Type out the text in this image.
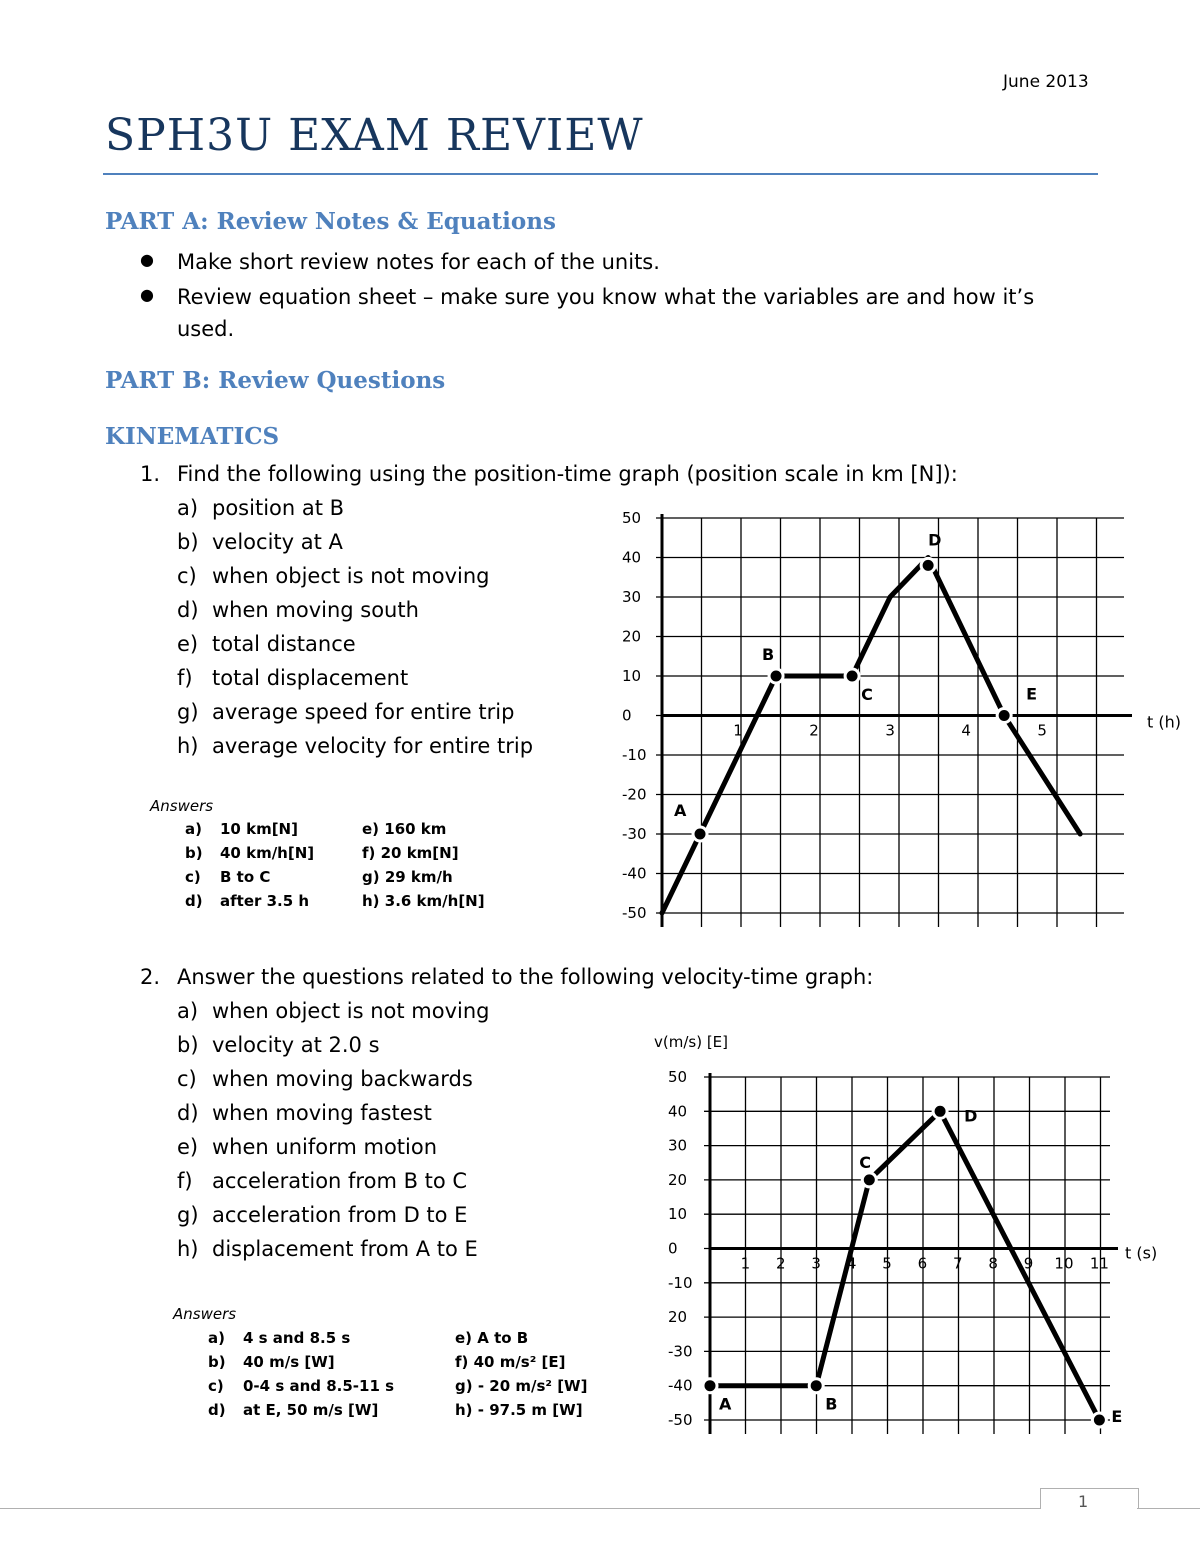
June 2013
SPH3U EXAM REVIEW
PART A: Review Notes & Equations
● Make short review notes for each of the units.
● Review equation sheet – make sure you know what the variables are and how it’s
used.
PART B: Review Questions
KINEMATICS
1. Find the following using the position-time graph (position scale in km [N]):
Answers
50
40
30
20
10
0
-10
-20
-30
-40
-50
1	2	3	4	5	t (h)
A
B
C
D
E
2. Answer the questions related to the following velocity-time graph:
Answers
50
40
30
20
10
0
-10
20
-30
-40
-50
1 2 3 4 5 6 7 8 9 10 11
t (s)
v(m/s) [E]
A	B
C
D
E
1
a) position at B
b) velocity at A
c) when object is not moving
d) when moving south
e) total distance
f) total displacement
g) average speed for entire trip
h) average velocity for entire trip
a) when object is not moving
b) velocity at 2.0 s
c) when moving backwards
d) when moving fastest
e) when uniform motion
f) acceleration from B to C
g) acceleration from D to E
h) displacement from A to E
a) 10 km[N]
b) 40 km/h[N]
c) B to C
d) after 3.5 h
e) 160 km
f) 20 km[N]
g) 29 km/h
h) 3.6 km/h[N]
a) 4 s and 8.5 s
b) 40 m/s [W]
c) 0-4 s and 8.5-11 s
d) at E, 50 m/s [W]
e) A to B
f) 40 m/s² [E]
g) - 20 m/s² [W]
h) - 97.5 m [W]
